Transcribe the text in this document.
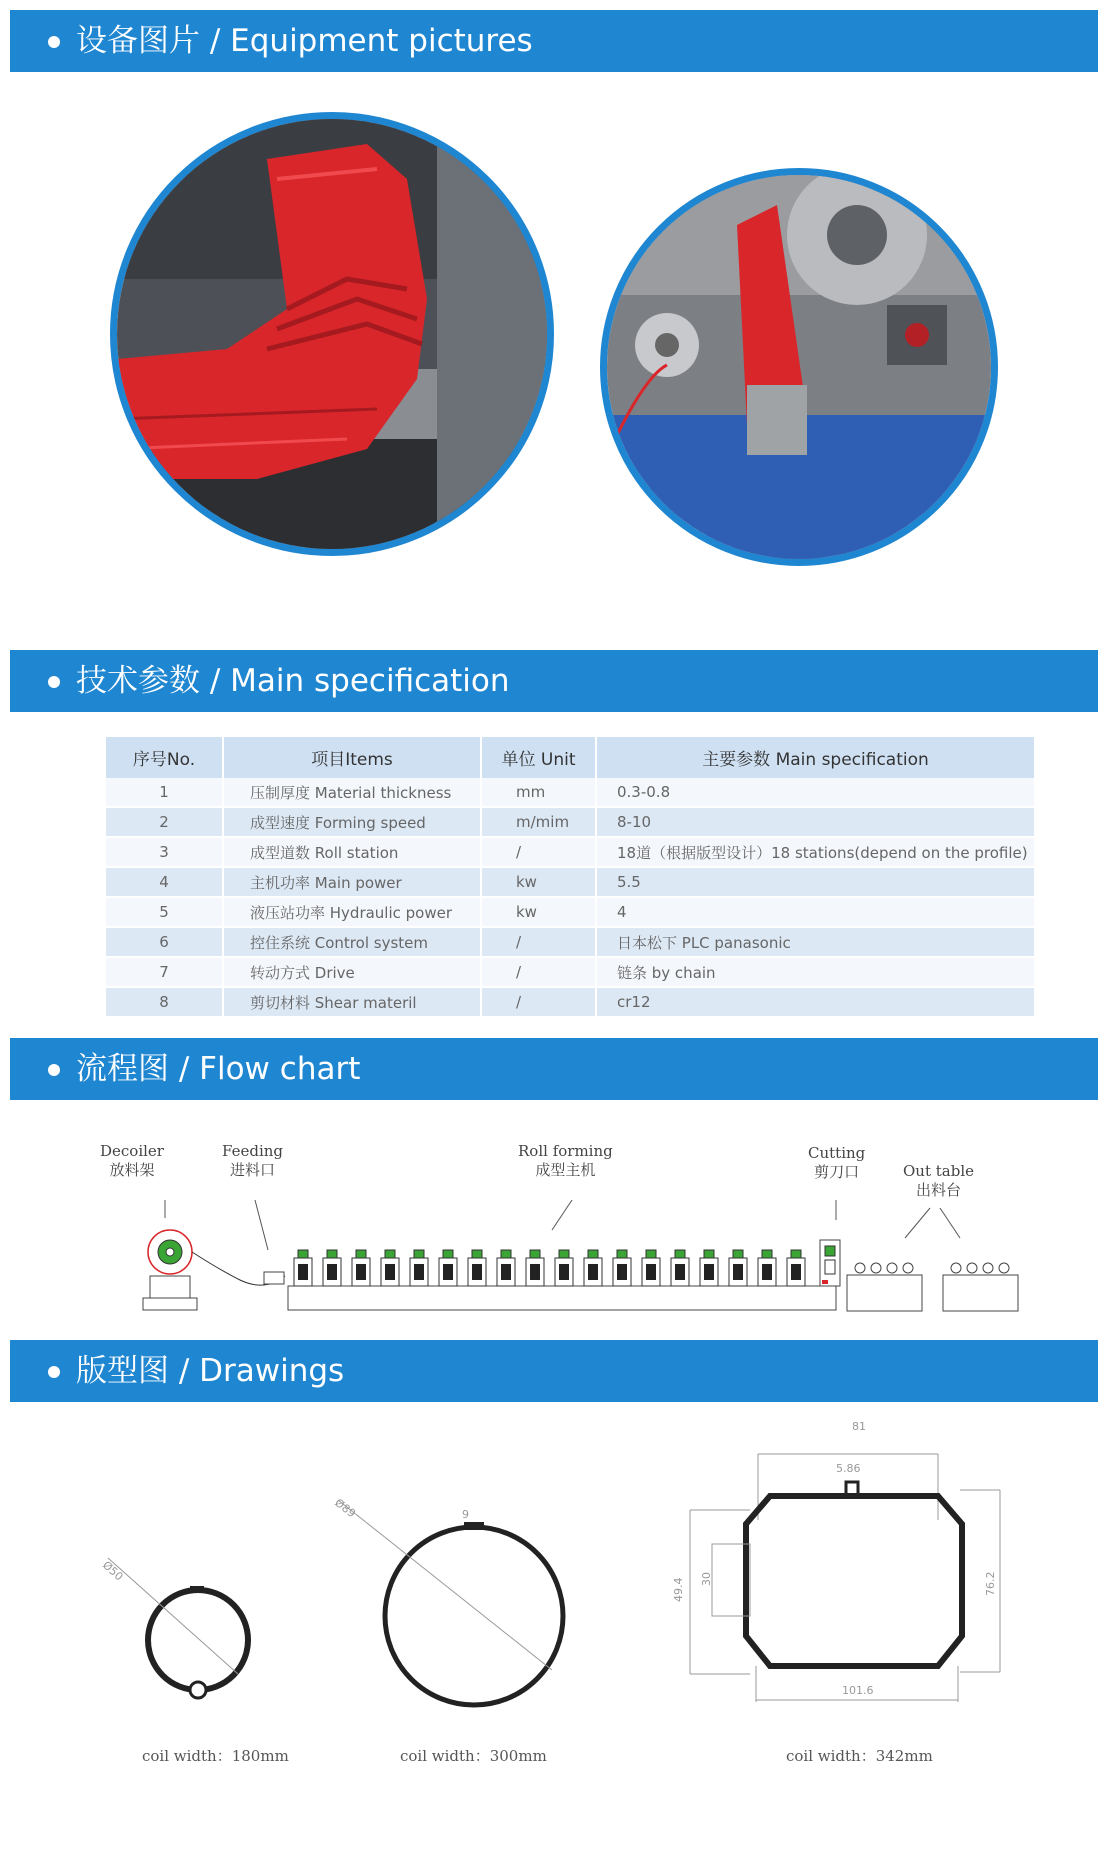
设备图片 / Equipment pictures
技术参数 / Main specification
流程图 / Flow chart
版型图 / Drawings
序号No.	项目Items	单位 Unit	主要参数 Main specification
1	压制厚度 Material thickness	mm	0.3-0.8
2	成型速度 Forming speed	m/mim	8-10
3	成型道数 Roll station	/	18道（根据版型设计）18 stations(depend on the profile)
4	主机功率 Main power	kw	5.5
5	液压站功率 Hydraulic power	kw	4
6	控住系统 Control system	/	日本松下 PLC panasonic
7	转动方式 Drive	/	链条 by chain
8	剪切材料 Shear materil	/	cr12
Decoiler
放料架
Feeding
进料口
Roll forming
成型主机
Cutting
剪刀口	Out table
出料台
Ø50
Ø89	9
81
5.86
49.4 30	76.2
101.6
coil width：180mm	coil width：300mm	coil width：342mm
